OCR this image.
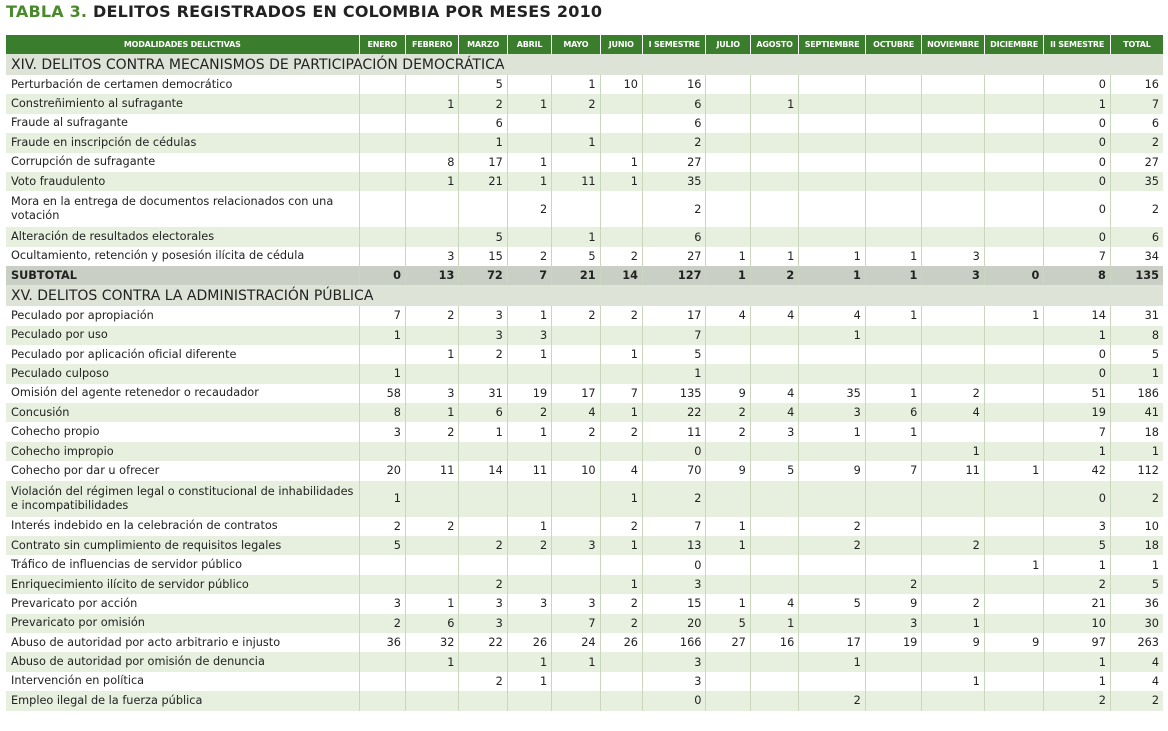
TABLA 3. DELITOS REGISTRADOS EN COLOMBIA POR MESES 2010
MODALIDADES DELICTIVAS	ENERO	FEBRERO	MARZO	ABRIL	MAYO	JUNIO	I SEMESTRE	JULIO	AGOSTO	SEPTIEMBRE	OCTUBRE	NOVIEMBRE	DICIEMBRE	II SEMESTRE	TOTAL
XIV. DELITOS CONTRA MECANISMOS DE PARTICIPACIÓN DEMOCRÁTICA															
Perturbación de certamen democrático			5		1	10	16							0	16
Constreñimiento al sufragante		1	2	1	2		6		1					1	7
Fraude al sufragante			6				6							0	6
Fraude en inscripción de cédulas			1		1		2							0	2
Corrupción de sufragante		8	17	1		1	27							0	27
Voto fraudulento		1	21	1	11	1	35							0	35
Mora en la entrega de documentos relacionados con una votación				2			2							0	2
Alteración de resultados electorales			5		1		6							0	6
Ocultamiento, retención y posesión ilícita de cédula		3	15	2	5	2	27	1	1	1	1	3		7	34
SUBTOTAL	0	13	72	7	21	14	127	1	2	1	1	3	0	8	135
XV. DELITOS CONTRA LA ADMINISTRACIÓN PÚBLICA															
Peculado por apropiación	7	2	3	1	2	2	17	4	4	4	1		1	14	31
Peculado por uso	1		3	3			7			1				1	8
Peculado por aplicación oficial diferente		1	2	1		1	5							0	5
Peculado culposo	1						1							0	1
Omisión del agente retenedor o recaudador	58	3	31	19	17	7	135	9	4	35	1	2		51	186
Concusión	8	1	6	2	4	1	22	2	4	3	6	4		19	41
Cohecho propio	3	2	1	1	2	2	11	2	3	1	1			7	18
Cohecho impropio							0					1		1	1
Cohecho por dar u ofrecer	20	11	14	11	10	4	70	9	5	9	7	11	1	42	112
Violación del régimen legal o constitucional de inhabilidades e incompatibilidades	1					1	2							0	2
Interés indebido en la celebración de contratos	2	2		1		2	7	1		2				3	10
Contrato sin cumplimiento de requisitos legales	5		2	2	3	1	13	1		2		2		5	18
Tráfico de influencias de servidor público							0						1	1	1
Enriquecimiento ilícito de servidor público			2			1	3				2			2	5
Prevaricato por acción	3	1	3	3	3	2	15	1	4	5	9	2		21	36
Prevaricato por omisión	2	6	3		7	2	20	5	1		3	1		10	30
Abuso de autoridad por acto arbitrario e injusto	36	32	22	26	24	26	166	27	16	17	19	9	9	97	263
Abuso de autoridad por omisión de denuncia		1		1	1		3			1				1	4
Intervención en política			2	1			3					1		1	4
Empleo ilegal de la fuerza pública							0			2				2	2
